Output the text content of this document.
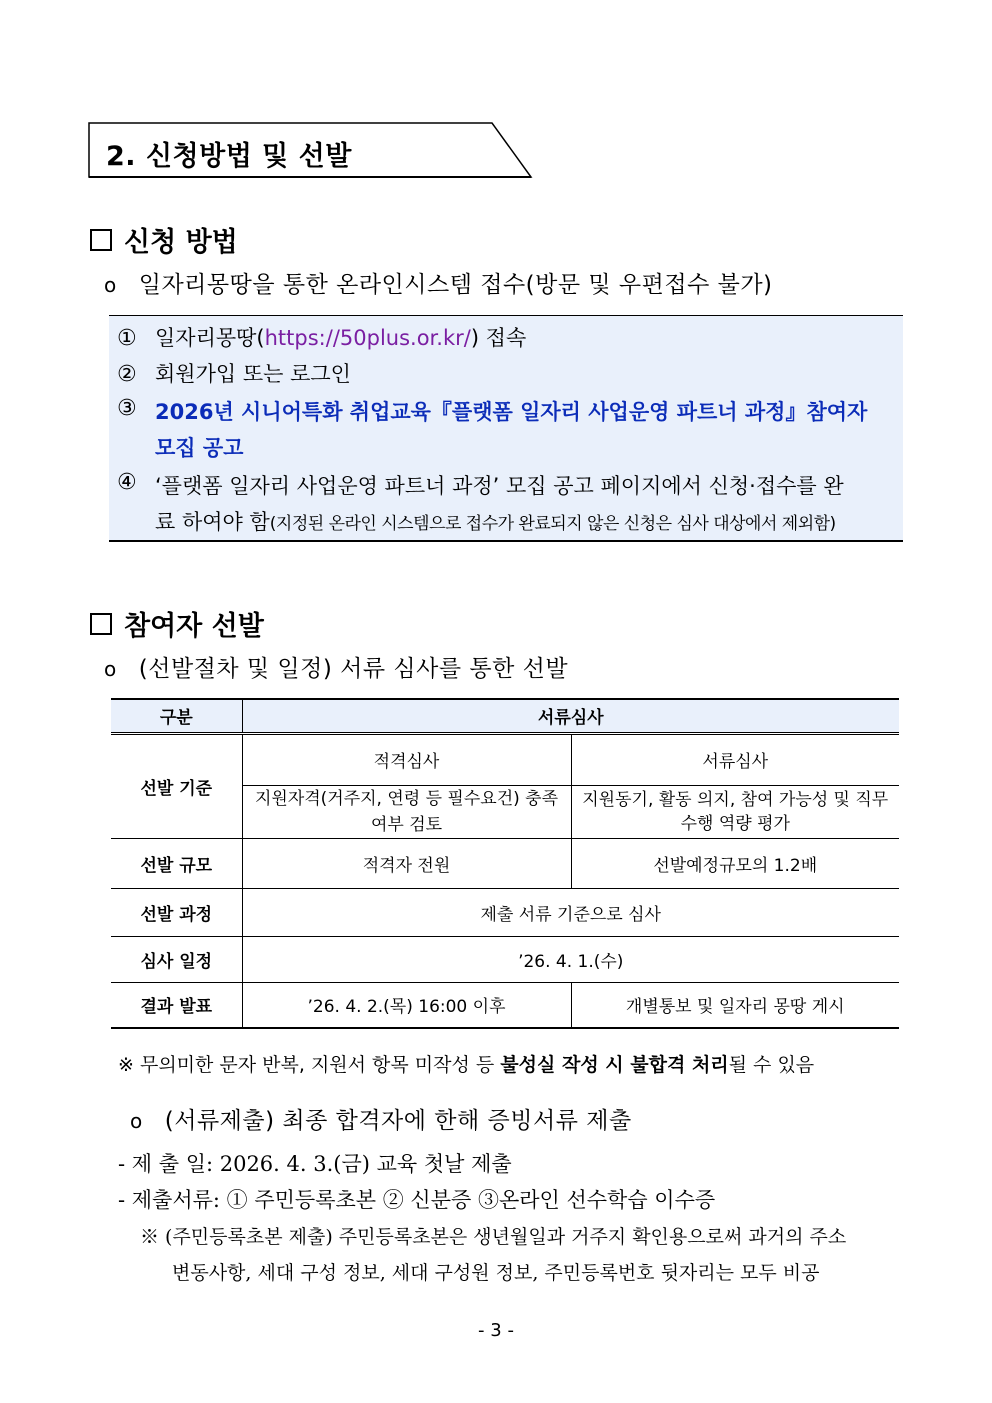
2. 신청방법 및 선발
신청 방법
o 일자리몽땅을 통한 온라인시스템 접수(방문 및 우편접수 불가)
① 일자리몽땅( https://50plus.or.kr/ ) 접속
② 회원가입 또는 로그인
③ 2026년 시니어특화 취업교육『플랫폼 일자리 사업운영 파트너 과정』참여자
모집 공고
④ ‘플랫폼 일자리 사업운영 파트너 과정’ 모집 공고 페이지에서 신청·접수를 완
료 하여야 함(지정된 온라인 시스템으로 접수가 완료되지 않은 신청은 심사 대상에서 제외함)
참여자 선발
o (선발절차 및 일정) 서류 심사를 통한 선발
구분	서류심사	
선발 기준	적격심사	서류심사
	지원자격(거주지, 연령 등 필수요건) 충족 여부 검토	지원동기, 활동 의지, 참여 가능성 및 직무수행 역량 평가
선발 규모	적격자 전원	선발예정규모의 1.2배
선발 과정	제출 서류 기준으로 심사	
심사 일정	’26. 4. 1.(수)	
결과 발표	’26. 4. 2.(목) 16:00 이후	개별통보 및 일자리 몽땅 게시
※ 무의미한 문자 반복, 지원서 항목 미작성 등 불성실 작성 시 불합격 처리될 수 있음
o (서류제출) 최종 합격자에 한해 증빙서류 제출
- 제 출 일: 2026. 4. 3.(금) 교육 첫날 제출
- 제출서류: ① 주민등록초본 ② 신분증 ③온라인 선수학습 이수증
※ (주민등록초본 제출) 주민등록초본은 생년월일과 거주지 확인용으로써 과거의 주소
변동사항, 세대 구성 정보, 세대 구성원 정보, 주민등록번호 뒷자리는 모두 비공
- 3 -
